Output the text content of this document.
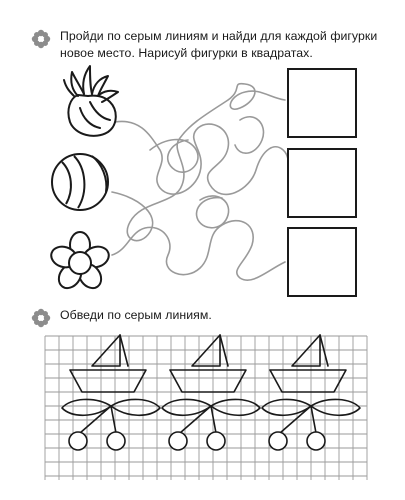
Пройди по серым линиям и найди для каждой фигурки новое место. Нарисуй фигурки в квадратах.
Обведи по серым линиям.
